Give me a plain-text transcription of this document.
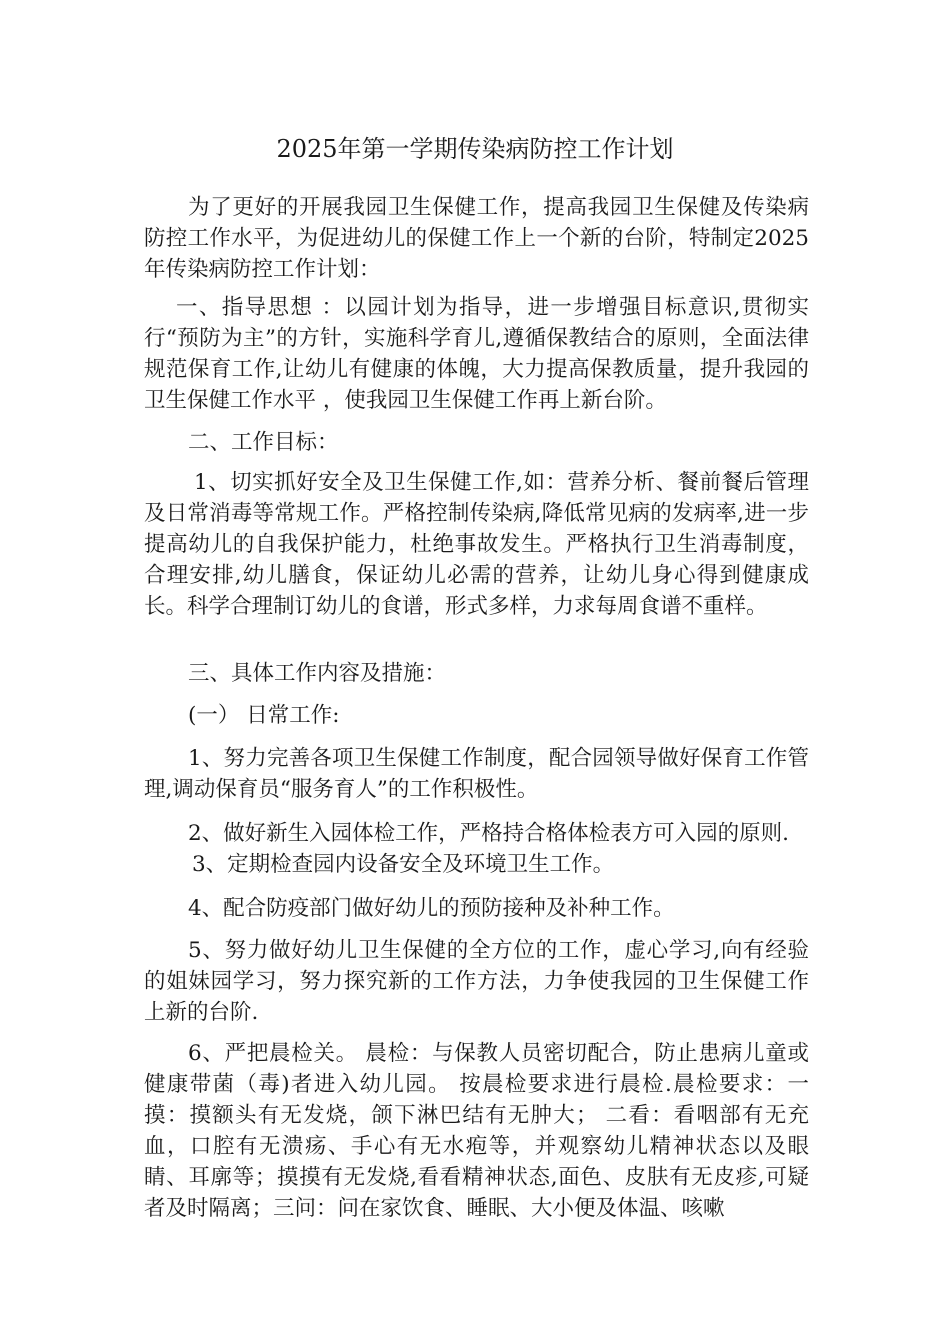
2025年第一学期传染病防控工作计划

为了更好的开展我园卫生保健工作，提高我园卫生保健及传染病防控工作水平，为促进幼儿的保健工作上一个新的台阶，特制定2025年传染病防控工作计划：

一、指导思想 ：以园计划为指导，进一步增强目标意识,贯彻实行“预防为主”的方针，实施科学育儿,遵循保教结合的原则，全面法律规范保育工作,让幼儿有健康的体魄，大力提高保教质量，提升我园的卫生保健工作水平 ，使我园卫生保健工作再上新台阶。

二、工作目标：

1、切实抓好安全及卫生保健工作,如：营养分析、餐前餐后管理及日常消毒等常规工作。严格控制传染病,降低常见病的发病率,进一步提高幼儿的自我保护能力，杜绝事故发生。严格执行卫生消毒制度，合理安排,幼儿膳食，保证幼儿必需的营养，让幼儿身心得到健康成长。科学合理制订幼儿的食谱，形式多样，力求每周食谱不重样。

三、具体工作内容及措施：

(一） 日常工作:

1、努力完善各项卫生保健工作制度，配合园领导做好保育工作管理,调动保育员“服务育人”的工作积极性。

2、做好新生入园体检工作，严格持合格体检表方可入园的原则.

3、定期检查园内设备安全及环境卫生工作。

4、配合防疫部门做好幼儿的预防接种及补种工作。

5、努力做好幼儿卫生保健的全方位的工作，虚心学习,向有经验的姐妹园学习，努力探究新的工作方法，力争使我园的卫生保健工作上新的台阶.

6、严把晨检关。 晨检：与保教人员密切配合，防止患病儿童或健康带菌（毒)者进入幼儿园。 按晨检要求进行晨检.晨检要求：一摸：摸额头有无发烧，颌下淋巴结有无肿大； 二看：看咽部有无充血，口腔有无溃疡、手心有无水疱等，并观察幼儿精神状态以及眼睛、耳廓等；摸摸有无发烧,看看精神状态,面色、皮肤有无皮疹,可疑 者及时隔离；三问：问在家饮食、睡眠、大小便及体温、咳嗽
